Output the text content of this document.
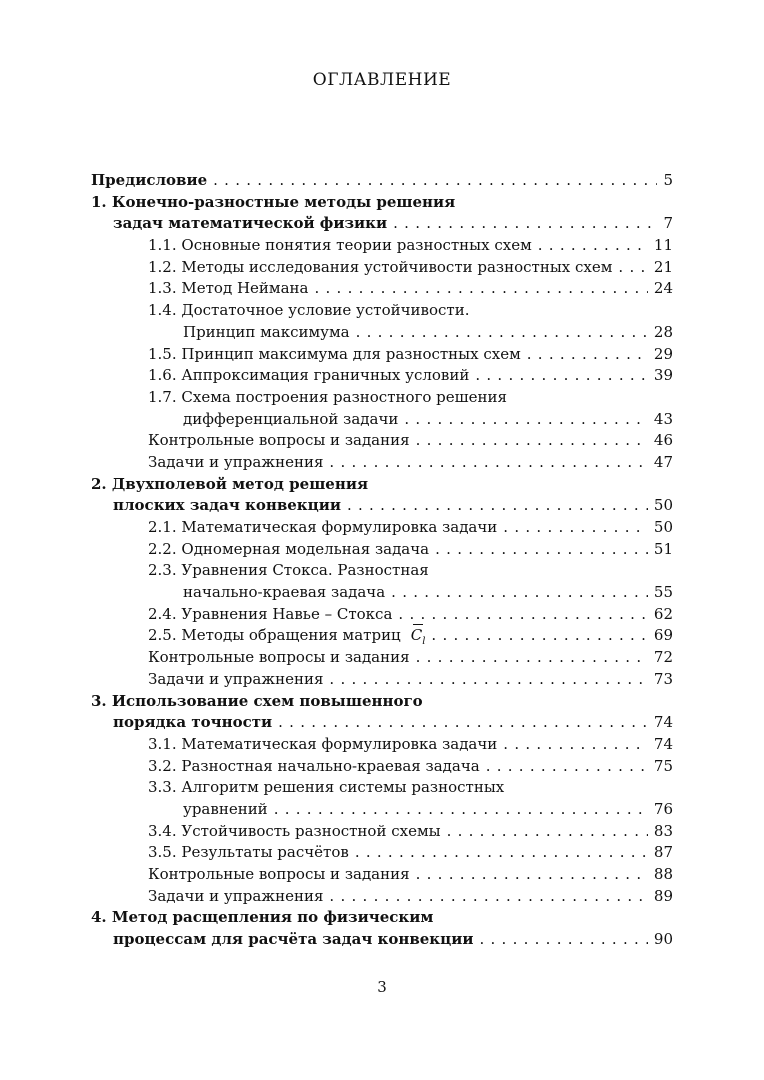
ОГЛАВЛЕНИЕ
Предисловие . . .	5
1. Конечно-разностные методы решения
задач математической физики . . .	7
1.1. Основные понятия теории разностных схем . . .	11
1.2. Методы исследования устойчивости разностных схем . . .	21
1.3. Метод Неймана . . .	24
1.4. Достаточное условие устойчивости.
Принцип максимума . . .	28
1.5. Принцип максимума для разностных схем . . .	29
1.6. Аппроксимация граничных условий . . .	39
1.7. Схема построения разностного решения
дифференциальной задачи . . .	43
Контрольные вопросы и задания . . .	46
Задачи и упражнения . . .	47
2. Двухполевой метод решения
плоских задач конвекции . . .	50
2.1. Математическая формулировка задачи . . .	50
2.2. Одномерная модельная задача . . .	51
2.3. Уравнения Стокса. Разностная
начально-краевая задача . . .	55
2.4. Уравнения Навье – Стокса . . .	62
2.5. Методы обращения матриц $C_l$ . . .	69
Контрольные вопросы и задания . . .	72
Задачи и упражнения . . .	73
3. Использование схем повышенного
порядка точности . . .	74
3.1. Математическая формулировка задачи . . .	74
3.2. Разностная начально-краевая задача . . .	75
3.3. Алгоритм решения системы разностных
уравнений . . .	76
3.4. Устойчивость разностной схемы . . .	83
3.5. Результаты расчётов . . .	87
Контрольные вопросы и задания . . .	88
Задачи и упражнения . . .	89
4. Метод расщепления по физическим
процессам для расчёта задач конвекции . . .	90
3
